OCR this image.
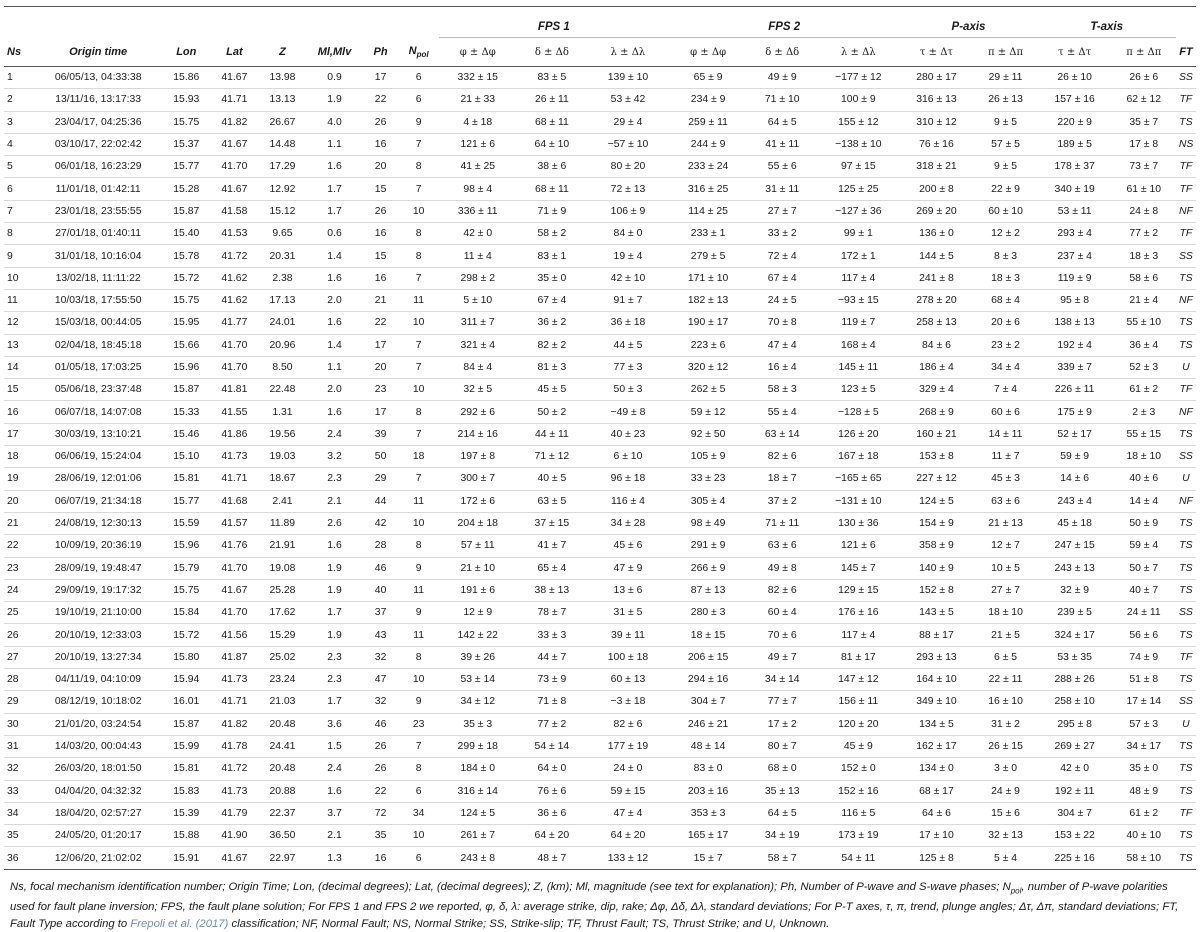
								FPS 1			FPS 2			P-axis		T-axis		
Ns	Origin time	Lon	Lat	Z	Ml,Mlv	Ph	$N_{pol}$	φ ± Δφ	δ ± Δδ	λ ± Δλ	φ ± Δφ	δ ± Δδ	λ ± Δλ	τ ± Δτ	π ± Δπ	τ ± Δτ	π ± Δπ	FT
1	06/05/13, 04:33:38	15.86	41.67	13.98	0.9	17	6	332 ± 15	83 ± 5	139 ± 10	65 ± 9	49 ± 9	−177 ± 12	280 ± 17	29 ± 11	26 ± 10	26 ± 6	SS
2	13/11/16, 13:17:33	15.93	41.71	13.13	1.9	22	6	21 ± 33	26 ± 11	53 ± 42	234 ± 9	71 ± 10	100 ± 9	316 ± 13	26 ± 13	157 ± 16	62 ± 12	TF
3	23/04/17, 04:25:36	15.75	41.82	26.67	4.0	26	9	4 ± 18	68 ± 11	29 ± 4	259 ± 11	64 ± 5	155 ± 12	310 ± 12	9 ± 5	220 ± 9	35 ± 7	TS
4	03/10/17, 22:02:42	15.37	41.67	14.48	1.1	16	7	121 ± 6	64 ± 10	−57 ± 10	244 ± 9	41 ± 11	−138 ± 10	76 ± 16	57 ± 5	189 ± 5	17 ± 8	NS
5	06/01/18, 16:23:29	15.77	41.70	17.29	1.6	20	8	41 ± 25	38 ± 6	80 ± 20	233 ± 24	55 ± 6	97 ± 15	318 ± 21	9 ± 5	178 ± 37	73 ± 7	TF
6	11/01/18, 01:42:11	15.28	41.67	12.92	1.7	15	7	98 ± 4	68 ± 11	72 ± 13	316 ± 25	31 ± 11	125 ± 25	200 ± 8	22 ± 9	340 ± 19	61 ± 10	TF
7	23/01/18, 23:55:55	15.87	41.58	15.12	1.7	26	10	336 ± 11	71 ± 9	106 ± 9	114 ± 25	27 ± 7	−127 ± 36	269 ± 20	60 ± 10	53 ± 11	24 ± 8	NF
8	27/01/18, 01:40:11	15.40	41.53	9.65	0.6	16	8	42 ± 0	58 ± 2	84 ± 0	233 ± 1	33 ± 2	99 ± 1	136 ± 0	12 ± 2	293 ± 4	77 ± 2	TF
9	31/01/18, 10:16:04	15.78	41.72	20.31	1.4	15	8	11 ± 4	83 ± 1	19 ± 4	279 ± 5	72 ± 4	172 ± 1	144 ± 5	8 ± 3	237 ± 4	18 ± 3	SS
10	13/02/18, 11:11:22	15.72	41.62	2.38	1.6	16	7	298 ± 2	35 ± 0	42 ± 10	171 ± 10	67 ± 4	117 ± 4	241 ± 8	18 ± 3	119 ± 9	58 ± 6	TS
11	10/03/18, 17:55:50	15.75	41.62	17.13	2.0	21	11	5 ± 10	67 ± 4	91 ± 7	182 ± 13	24 ± 5	−93 ± 15	278 ± 20	68 ± 4	95 ± 8	21 ± 4	NF
12	15/03/18, 00:44:05	15.95	41.77	24.01	1.6	22	10	311 ± 7	36 ± 2	36 ± 18	190 ± 17	70 ± 8	119 ± 7	258 ± 13	20 ± 6	138 ± 13	55 ± 10	TS
13	02/04/18, 18:45:18	15.66	41.70	20.96	1.4	17	7	321 ± 4	82 ± 2	44 ± 5	223 ± 6	47 ± 4	168 ± 4	84 ± 6	23 ± 2	192 ± 4	36 ± 4	TS
14	01/05/18, 17:03:25	15.96	41.70	8.50	1.1	20	7	84 ± 4	81 ± 3	77 ± 3	320 ± 12	16 ± 4	145 ± 11	186 ± 4	34 ± 4	339 ± 7	52 ± 3	U
15	05/06/18, 23:37:48	15.87	41.81	22.48	2.0	23	10	32 ± 5	45 ± 5	50 ± 3	262 ± 5	58 ± 3	123 ± 5	329 ± 4	7 ± 4	226 ± 11	61 ± 2	TF
16	06/07/18, 14:07:08	15.33	41.55	1.31	1.6	17	8	292 ± 6	50 ± 2	−49 ± 8	59 ± 12	55 ± 4	−128 ± 5	268 ± 9	60 ± 6	175 ± 9	2 ± 3	NF
17	30/03/19, 13:10:21	15.46	41.86	19.56	2.4	39	7	214 ± 16	44 ± 11	40 ± 23	92 ± 50	63 ± 14	126 ± 20	160 ± 21	14 ± 11	52 ± 17	55 ± 15	TS
18	06/06/19, 15:24:04	15.10	41.73	19.03	3.2	50	18	197 ± 8	71 ± 12	6 ± 10	105 ± 9	82 ± 6	167 ± 18	153 ± 8	11 ± 7	59 ± 9	18 ± 10	SS
19	28/06/19, 12:01:06	15.81	41.71	18.67	2.3	29	7	300 ± 7	40 ± 5	96 ± 18	33 ± 23	18 ± 7	−165 ± 65	227 ± 12	45 ± 3	14 ± 6	40 ± 6	U
20	06/07/19, 21:34:18	15.77	41.68	2.41	2.1	44	11	172 ± 6	63 ± 5	116 ± 4	305 ± 4	37 ± 2	−131 ± 10	124 ± 5	63 ± 6	243 ± 4	14 ± 4	NF
21	24/08/19, 12:30:13	15.59	41.57	11.89	2.6	42	10	204 ± 18	37 ± 15	34 ± 28	98 ± 49	71 ± 11	130 ± 36	154 ± 9	21 ± 13	45 ± 18	50 ± 9	TS
22	10/09/19, 20:36:19	15.96	41.76	21.91	1.6	28	8	57 ± 11	41 ± 7	45 ± 6	291 ± 9	63 ± 6	121 ± 6	358 ± 9	12 ± 7	247 ± 15	59 ± 4	TS
23	28/09/19, 19:48:47	15.79	41.70	19.08	1.9	46	9	21 ± 10	65 ± 4	47 ± 9	266 ± 9	49 ± 8	145 ± 7	140 ± 9	10 ± 5	243 ± 13	50 ± 7	TS
24	29/09/19, 19:17:32	15.75	41.67	25.28	1.9	40	11	191 ± 6	38 ± 13	13 ± 6	87 ± 13	82 ± 6	129 ± 15	152 ± 8	27 ± 7	32 ± 9	40 ± 7	TS
25	19/10/19, 21:10:00	15.84	41.70	17.62	1.7	37	9	12 ± 9	78 ± 7	31 ± 5	280 ± 3	60 ± 4	176 ± 16	143 ± 5	18 ± 10	239 ± 5	24 ± 11	SS
26	20/10/19, 12:33:03	15.72	41.56	15.29	1.9	43	11	142 ± 22	33 ± 3	39 ± 11	18 ± 15	70 ± 6	117 ± 4	88 ± 17	21 ± 5	324 ± 17	56 ± 6	TS
27	20/10/19, 13:27:34	15.80	41.87	25.02	2.3	32	8	39 ± 26	44 ± 7	100 ± 18	206 ± 15	49 ± 7	81 ± 17	293 ± 13	6 ± 5	53 ± 35	74 ± 9	TF
28	04/11/19, 04:10:09	15.94	41.73	23.24	2.3	47	10	53 ± 14	73 ± 9	60 ± 13	294 ± 16	34 ± 14	147 ± 12	164 ± 10	22 ± 11	288 ± 26	51 ± 8	TS
29	08/12/19, 10:18:02	16.01	41.71	21.03	1.7	32	9	34 ± 12	71 ± 8	−3 ± 18	304 ± 7	77 ± 7	156 ± 11	349 ± 10	16 ± 10	258 ± 10	17 ± 14	SS
30	21/01/20, 03:24:54	15.87	41.82	20.48	3.6	46	23	35 ± 3	77 ± 2	82 ± 6	246 ± 21	17 ± 2	120 ± 20	134 ± 5	31 ± 2	295 ± 8	57 ± 3	U
31	14/03/20, 00:04:43	15.99	41.78	24.41	1.5	26	7	299 ± 18	54 ± 14	177 ± 19	48 ± 14	80 ± 7	45 ± 9	162 ± 17	26 ± 15	269 ± 27	34 ± 17	TS
32	26/03/20, 18:01:50	15.81	41.72	20.48	2.4	26	8	184 ± 0	64 ± 0	24 ± 0	83 ± 0	68 ± 0	152 ± 0	134 ± 0	3 ± 0	42 ± 0	35 ± 0	TS
33	04/04/20, 04:32:32	15.83	41.73	20.88	1.6	22	6	316 ± 14	76 ± 6	59 ± 15	203 ± 16	35 ± 13	152 ± 16	68 ± 17	24 ± 9	192 ± 11	48 ± 9	TS
34	18/04/20, 02:57:27	15.39	41.79	22.37	3.7	72	34	124 ± 5	36 ± 6	47 ± 4	353 ± 3	64 ± 5	116 ± 5	64 ± 6	15 ± 6	304 ± 7	61 ± 2	TF
35	24/05/20, 01:20:17	15.88	41.90	36.50	2.1	35	10	261 ± 7	64 ± 20	64 ± 20	165 ± 17	34 ± 19	173 ± 19	17 ± 10	32 ± 13	153 ± 22	40 ± 10	TS
36	12/06/20, 21:02:02	15.91	41.67	22.97	1.3	16	6	243 ± 8	48 ± 7	133 ± 12	15 ± 7	58 ± 7	54 ± 11	125 ± 8	5 ± 4	225 ± 16	58 ± 10	TS
Ns, focal mechanism identification number; Origin Time; Lon, (decimal degrees); Lat, (decimal degrees); Z, (km); Ml, magnitude (see text for explanation); Ph, Number of P-wave and S-wave phases; $N_{pol}$, number of P-wave polarities used for fault plane inversion; FPS, the fault plane solution; For FPS 1 and FPS 2 we reported, φ, δ, λ: average strike, dip, rake; Δφ, Δδ, Δλ, standard deviations; For P-T axes, τ, π, trend, plunge angles; Δτ, Δπ, standard deviations; FT, Fault Type according to Frepoli et al. (2017) classification; NF, Normal Fault; NS, Normal Strike; SS, Strike-slip; TF, Thrust Fault; TS, Thrust Strike; and U, Unknown.
